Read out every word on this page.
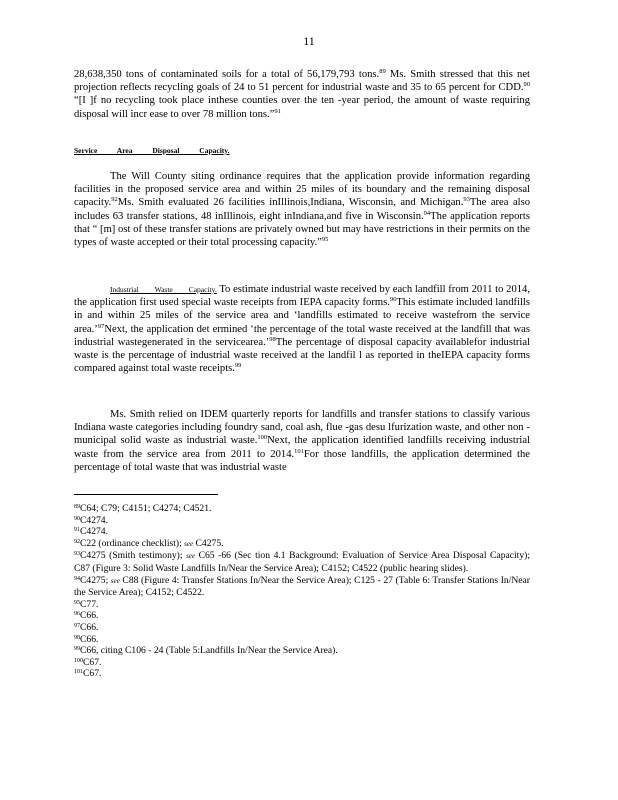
11

28,638,350 tons of contaminated soils for a total of 56,179,793 tons.$^{89}$ Ms. Smith stressed that this net projection reflects recycling goals of 24 to 51 percent for industrial waste and 35 to 65 percent for CDD.$^{90}$ “[I ]f no recycling took place inthese counties over the ten -year period, the amount of waste requiring disposal will incr ease to over 78 million tons.”$^{91}$

Service Area Disposal Capacity.

The Will County siting ordinance requires that the application provide information regarding facilities in the proposed service area and within 25 miles of its boundary and the remaining disposal capacity.$^{92}$Ms. Smith evaluated 26 facilities inIllinois,Indiana, Wisconsin, and Michigan.$^{93}$The area also includes 63 transfer stations, 48 inIllinois, eight inIndiana,and five in Wisconsin.$^{94}$The application reports that “ [m] ost of these transfer stations are privately owned but may have restrictions in their permits on the types of waste accepted or their total processing capacity.”$^{95}$

Industrial Waste Capacity. To estimate industrial waste received by each landfill from 2011 to 2014, the application first used special waste receipts from IEPA capacity forms.$^{96}$This estimate included landfills in and within 25 miles of the service area and ‘landfills estimated to receive wastefrom the service area.’$^{97}$Next, the application det ermined ‘the percentage of the total waste received at the landfill that was industrial wastegenerated in the servicearea.’$^{98}$The percentage of disposal capacity availablefor industrial waste is the percentage of industrial waste received at the landfil l as reported in theIEPA capacity forms compared against total waste receipts.$^{99}$

Ms. Smith relied on IDEM quarterly reports for landfills and transfer stations to classify various Indiana waste categories including foundry sand, coal ash, flue -gas desu lfurization waste, and other non -municipal solid waste as industrial waste.$^{100}$Next, the application identified landfills receiving industrial waste from the service area from 2011 to 2014.$^{101}$For those landfills, the application determined the percentage of total waste that was industrial waste

$^{89}$C64; C79; C4151; C4274; C4521.

$^{90}$C4274.

$^{91}$C4274.

$^{92}$C22 (ordinance checklist); see C4275.

$^{93}$C4275 (Smith testimony); see C65 -66 (Sec tion 4.1 Background: Evaluation of Service Area Disposal Capacity); C87 (Figure 3: Solid Waste Landfills In/Near the Service Area); C4152; C4522 (public hearing slides).

$^{94}$C4275; see C88 (Figure 4: Transfer Stations In/Near the Service Area); C125 - 27 (Table 6: Transfer Stations In/Near the Service Area); C4152; C4522.

$^{95}$C77.

$^{96}$C66.

$^{97}$C66.

$^{98}$C66.

$^{99}$C66, citing C106 - 24 (Table 5:Landfills In/Near the Service Area).

$^{100}$C67.

$^{101}$C67.
